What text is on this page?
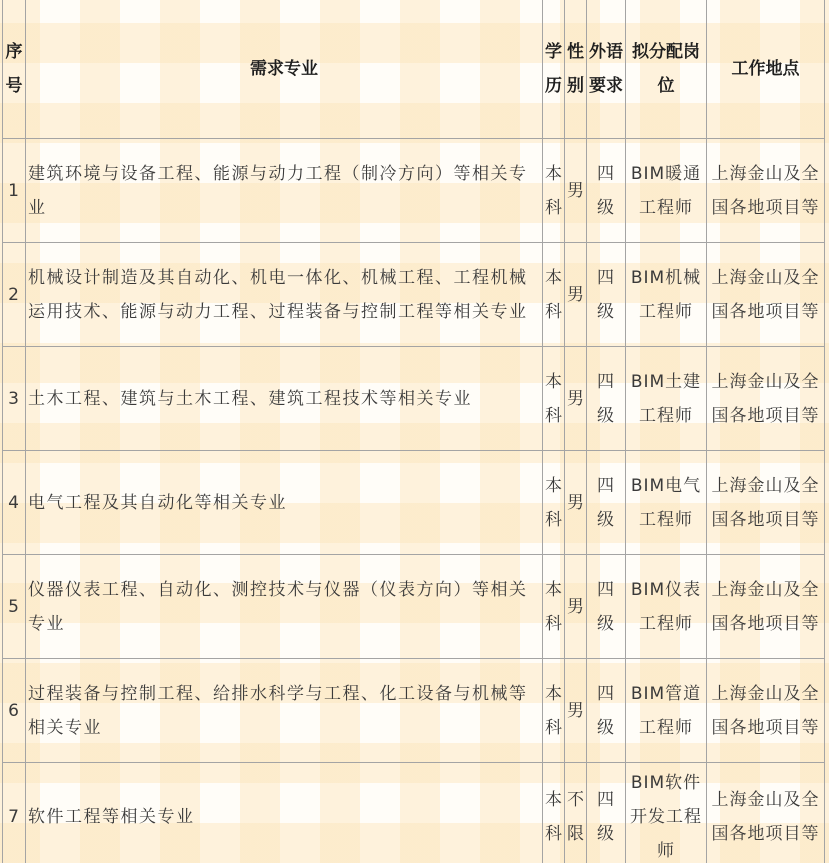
序号	需求专业	学历	性别	外语要求	拟分配岗位	工作地点
1	建筑环境与设备工程、能源与动力工程（制冷方向）等相关专业	本科	男	四级	BIM暖通工程师	上海金山及全国各地项目等
2	机械设计制造及其自动化、机电一体化、机械工程、工程机械运用技术、能源与动力工程、过程装备与控制工程等相关专业	本科	男	四级	BIM机械工程师	上海金山及全国各地项目等
3	土木工程、建筑与土木工程、建筑工程技术等相关专业	本科	男	四级	BIM土建工程师	上海金山及全国各地项目等
4	电气工程及其自动化等相关专业	本科	男	四级	BIM电气工程师	上海金山及全国各地项目等
5	仪器仪表工程、自动化、测控技术与仪器（仪表方向）等相关专业	本科	男	四级	BIM仪表工程师	上海金山及全国各地项目等
6	过程装备与控制工程、给排水科学与工程、化工设备与机械等相关专业	本科	男	四级	BIM管道工程师	上海金山及全国各地项目等
7	软件工程等相关专业	本科	不限	四级	BIM软件开发工程师	上海金山及全国各地项目等
